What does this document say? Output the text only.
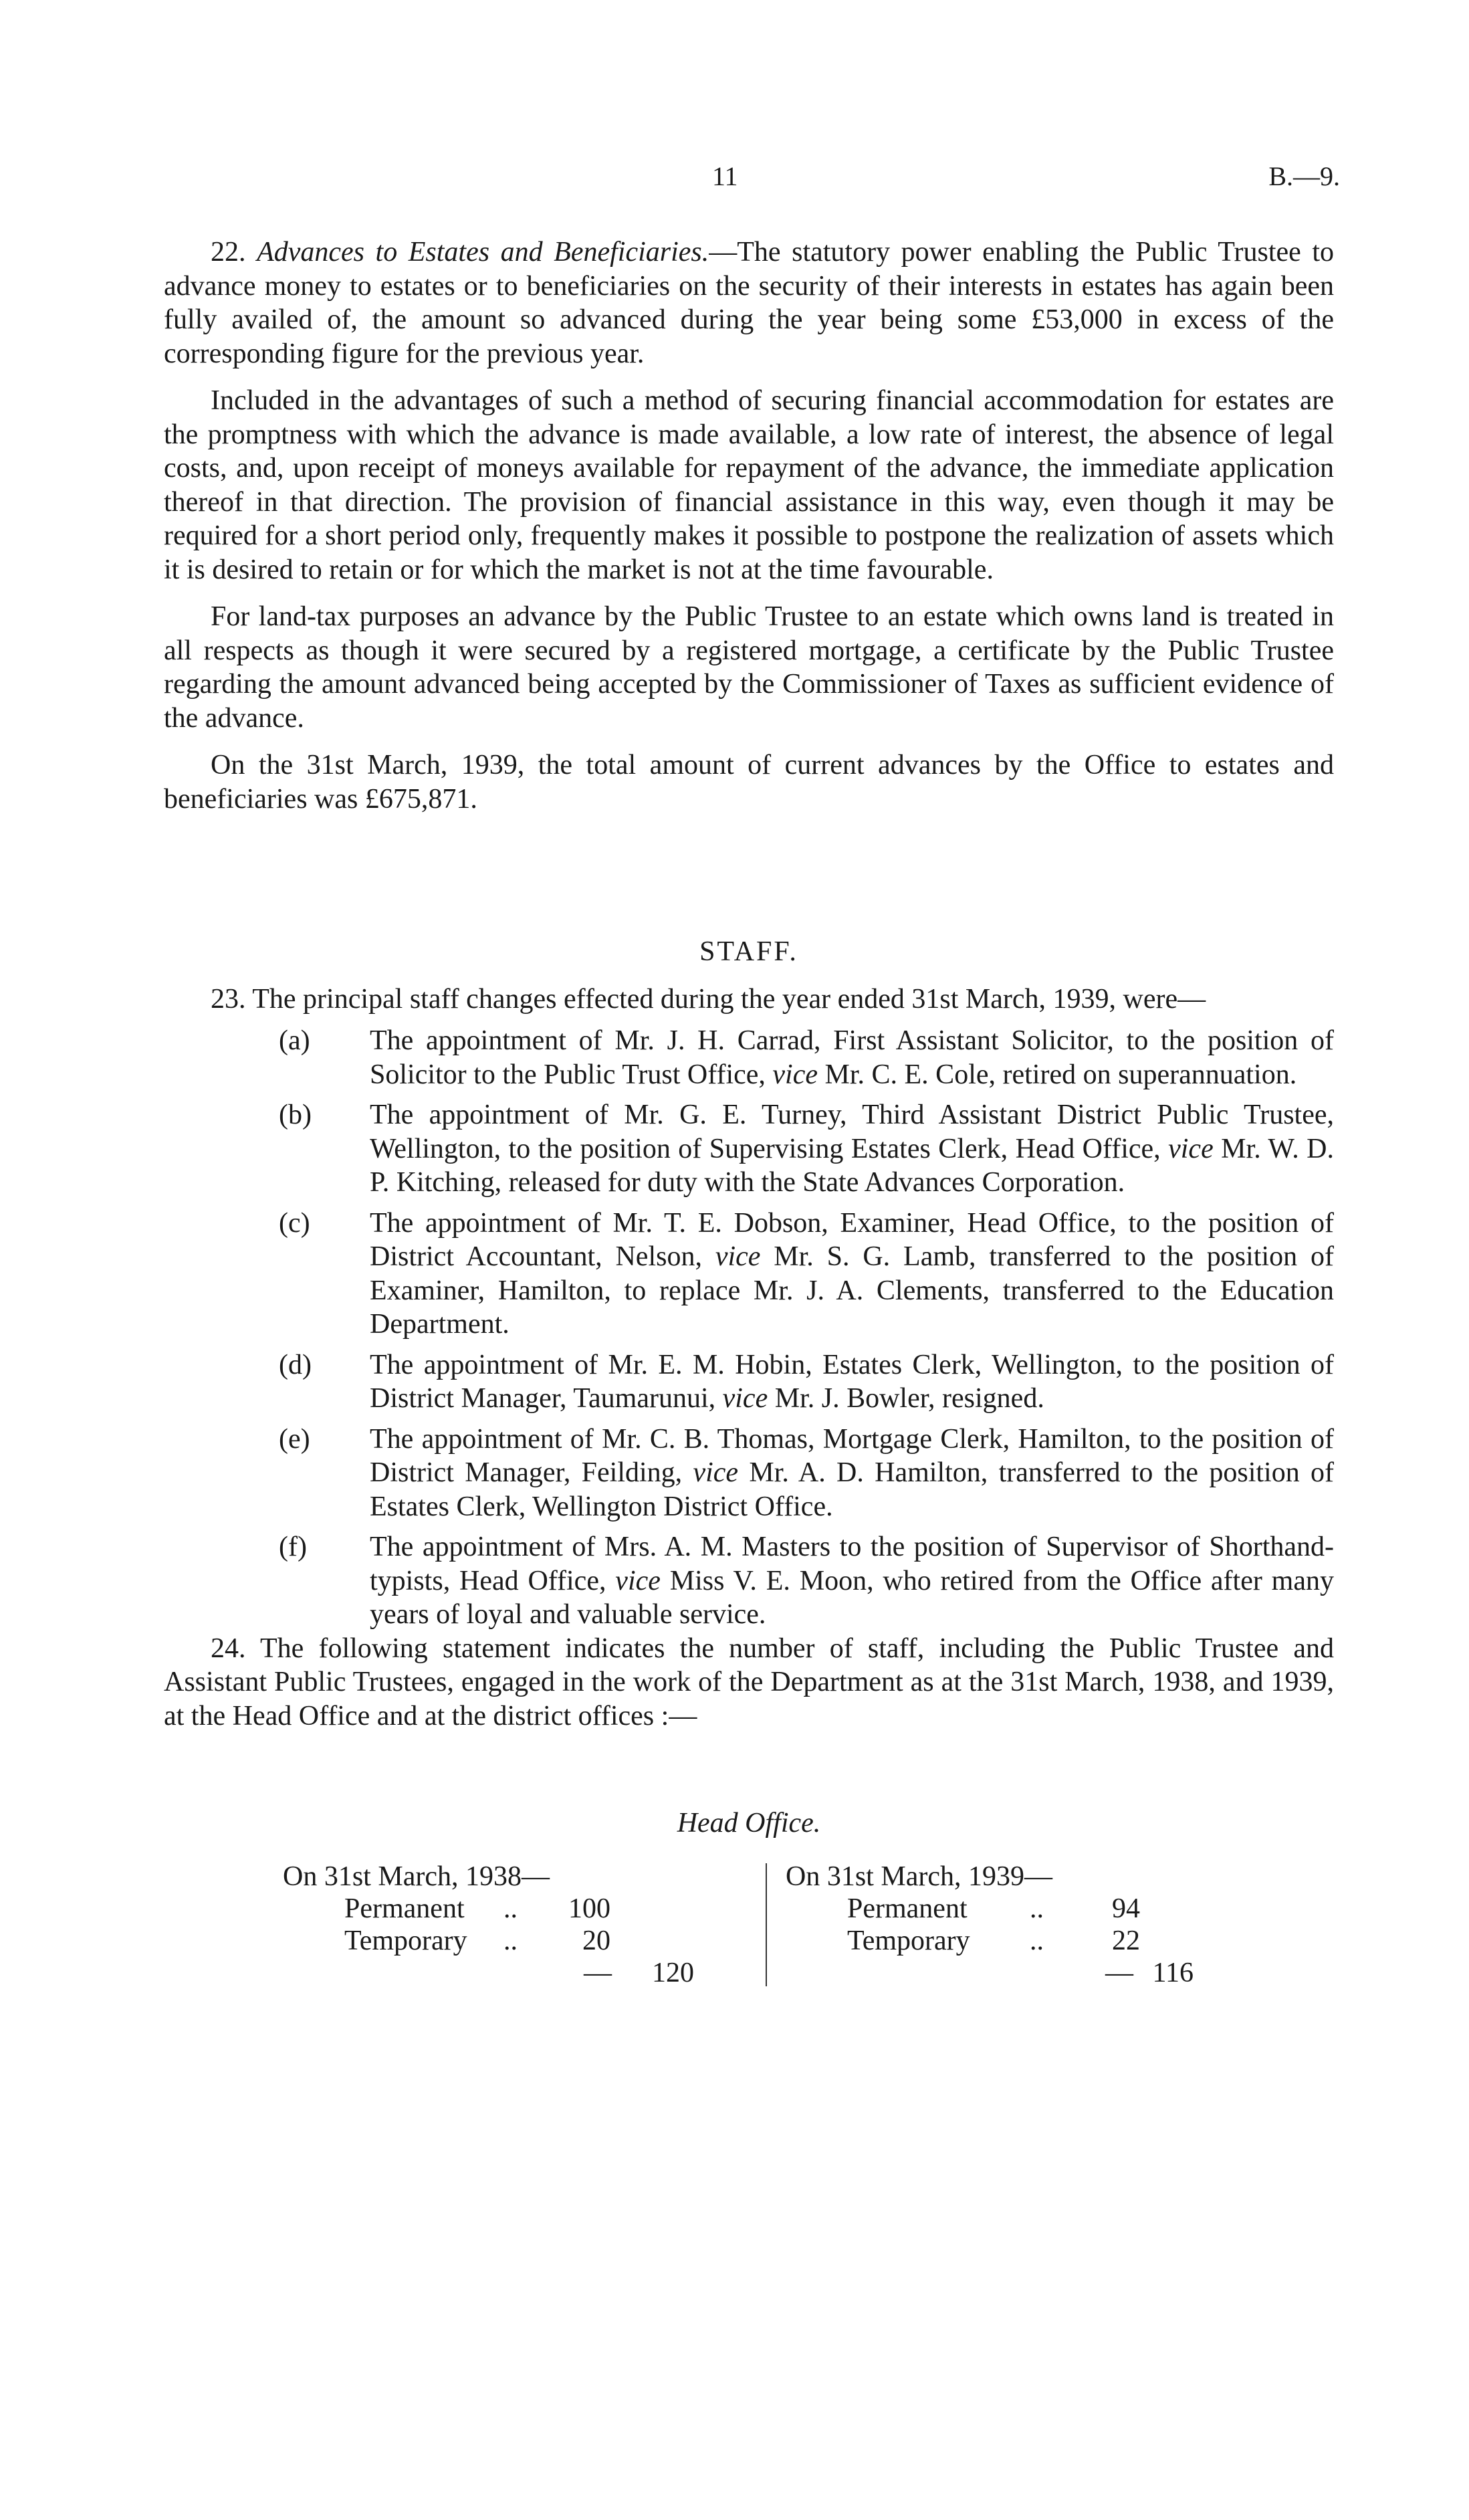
11	B.—9.

22. Advances to Estates and Beneficiaries.—The statutory power enabling the Public Trustee to advance money to estates or to beneficiaries on the security of their interests in estates has again been fully availed of, the amount so advanced during the year being some £53,000 in excess of the corresponding figure for the previous year.

Included in the advantages of such a method of securing financial accommodation for estates are the promptness with which the advance is made available, a low rate of interest, the absence of legal costs, and, upon receipt of moneys available for repayment of the advance, the immediate application thereof in that direction. The provision of financial assistance in this way, even though it may be required for a short period only, frequently makes it possible to postpone the realization of assets which it is desired to retain or for which the market is not at the time favourable.

For land-tax purposes an advance by the Public Trustee to an estate which owns land is treated in all respects as though it were secured by a registered mortgage, a certificate by the Public Trustee regarding the amount advanced being accepted by the Commissioner of Taxes as sufficient evidence of the advance.

On the 31st March, 1939, the total amount of current advances by the Office to estates and beneficiaries was £675,871.

STAFF.

23. The principal staff changes effected during the year ended 31st March, 1939, were—

(a) The appointment of Mr. J. H. Carrad, First Assistant Solicitor, to the position of Solicitor to the Public Trust Office, vice Mr. C. E. Cole, retired on superannuation.

(b) The appointment of Mr. G. E. Turney, Third Assistant District Public Trustee, Wellington, to the position of Supervising Estates Clerk, Head Office, vice Mr. W. D. P. Kitching, released for duty with the State Advances Corporation.

(c) The appointment of Mr. T. E. Dobson, Examiner, Head Office, to the position of District Accountant, Nelson, vice Mr. S. G. Lamb, transferred to the position of Examiner, Hamilton, to replace Mr. J. A. Clements, transferred to the Education Department.

(d) The appointment of Mr. E. M. Hobin, Estates Clerk, Wellington, to the position of District Manager, Taumarunui, vice Mr. J. Bowler, resigned.

(e) The appointment of Mr. C. B. Thomas, Mortgage Clerk, Hamilton, to the position of District Manager, Feilding, vice Mr. A. D. Hamilton, transferred to the position of Estates Clerk, Wellington District Office.

(f) The appointment of Mrs. A. M. Masters to the position of Supervisor of Shorthand-typists, Head Office, vice Miss V. E. Moon, who retired from the Office after many years of loyal and valuable service.

24. The following statement indicates the number of staff, including the Public Trustee and Assistant Public Trustees, engaged in the work of the Department as at the 31st March, 1938, and 1939, at the Head Office and at the district offices :—

Head Office.

On 31st March, 1938—
Permanent ..	100
Temporary ..	20
—	120
On 31st March, 1939—
Permanent ..	94
Temporary ..	22
— 116
